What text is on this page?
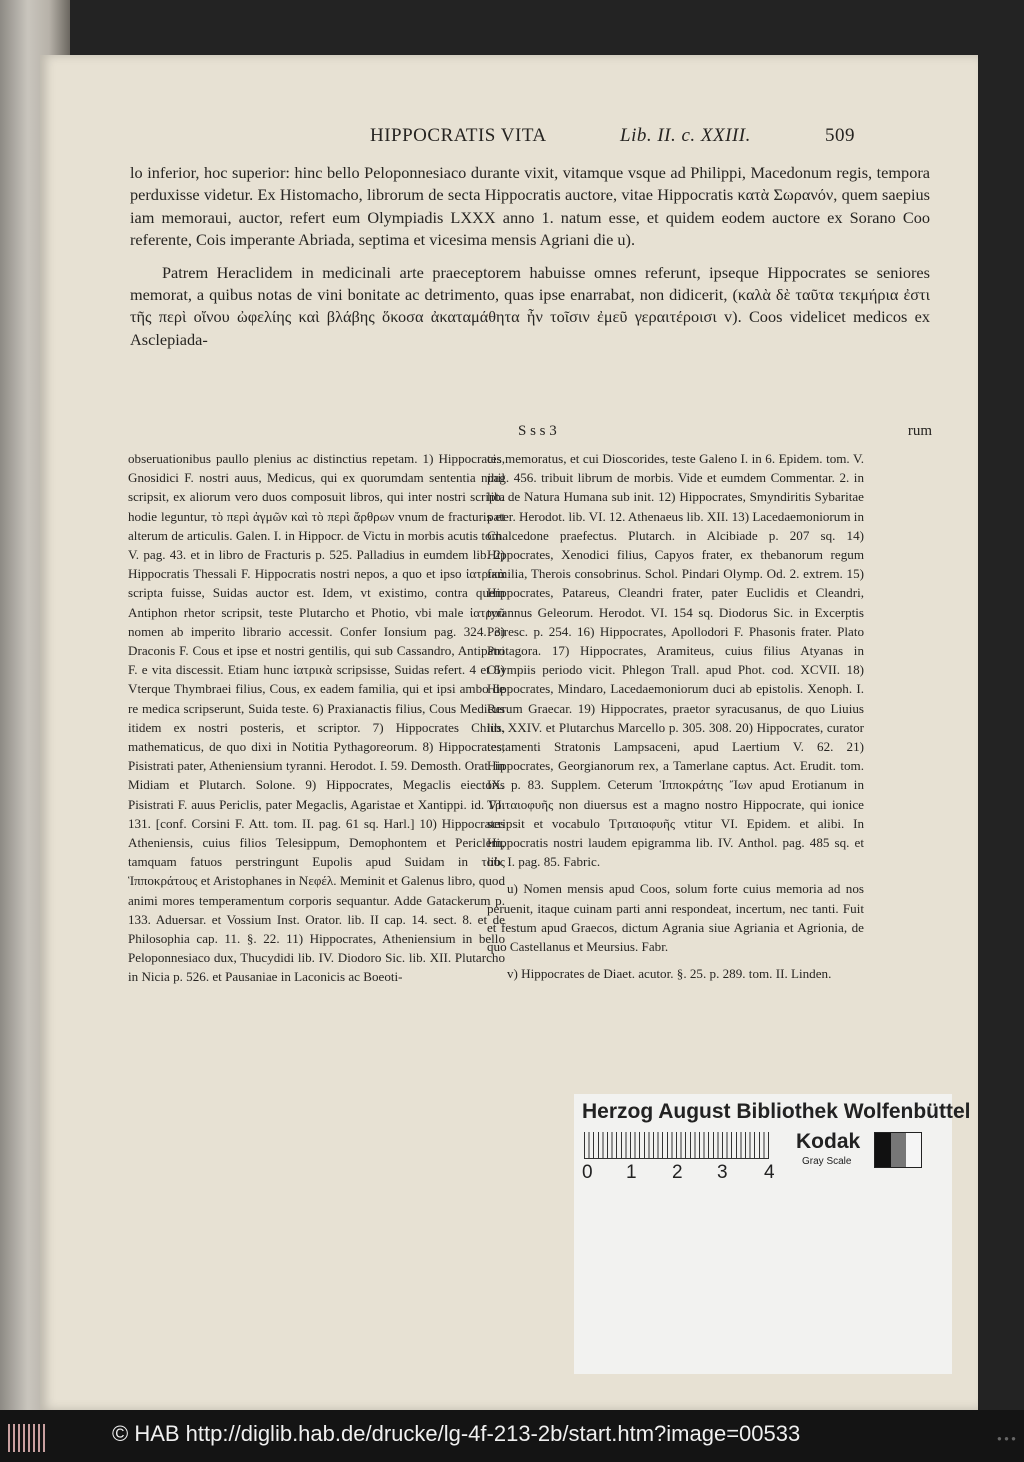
HIPPOCRATIS VITA	Lib. II. c. XXIII.	509

lo inferior, hoc superior: hinc bello Peloponnesiaco durante vixit, vitamque vsque ad Philippi, Macedonum regis, tempora perduxisse videtur. Ex Histomacho, librorum de secta Hippocratis auctore, vitae Hippocratis κατὰ Σωρανόν, quem saepius iam memoraui, auctor, refert eum Olympiadis LXXX anno 1. natum esse, et quidem eodem auctore ex Sorano Coo referente, Cois imperante Abriada, septima et vicesima mensis Agriani die u).

Patrem Heraclidem in medicinali arte praeceptorem habuisse omnes referunt, ipseque Hippocrates se seniores memorat, a quibus notas de vini bonitate ac detrimento, quas ipse enarrabat, non didicerit, (καλὰ δὲ ταῦτα τεκμήρια ἐστι τῆς περὶ οἴνου ὠφελίης καὶ βλάβης ὅκοσα ἀκαταμάθητα ἦν τοῖσιν ἐμεῦ γεραιτέροισι v). Coos videlicet medicos ex Asclepiada-

S s s 3	rum

obseruationibus paullo plenius ac distinctius repetam. 1) Hippocrates, Gnosidici F. nostri auus, Medicus, qui ex quorumdam sententia nihil scripsit, ex aliorum vero duos composuit libros, qui inter nostri scripta hodie leguntur, τὸ περὶ ἀγμῶν καὶ τὸ περὶ ἄρθρων vnum de fracturis et alterum de articulis. Galen. I. in Hippocr. de Victu in morbis acutis tom. V. pag. 43. et in libro de Fracturis p. 525. Palladius in eumdem lib. 2) Hippocratis Thessali F. Hippocratis nostri nepos, a quo et ipso ἰατρικὰ scripta fuisse, Suidas auctor est. Idem, vt existimo, contra quem Antiphon rhetor scripsit, teste Plutarcho et Photio, vbi male ἰατροῦ nomen ab imperito librario accessit. Confer Ionsium pag. 324. 3) Draconis F. Cous et ipse et nostri gentilis, qui sub Cassandro, Antipatri F. e vita discessit. Etiam hunc ἰατρικὰ scripsisse, Suidas refert. 4 et 5) Vterque Thymbraei filius, Cous, ex eadem familia, qui et ipsi ambo de re medica scripserunt, Suida teste. 6) Praxianactis filius, Cous Medicus itidem ex nostri posteris, et scriptor. 7) Hippocrates Chius, mathematicus, de quo dixi in Notitia Pythagoreorum. 8) Hippocrates, Pisistrati pater, Atheniensium tyranni. Herodot. I. 59. Demosth. Orat. in Midiam et Plutarch. Solone. 9) Hippocrates, Megaclis eiectoris Pisistrati F. auus Periclis, pater Megaclis, Agaristae et Xantippi. id. VI. 131. [conf. Corsini F. Att. tom. II. pag. 61 sq. Harl.] 10) Hippocrates Atheniensis, cuius filios Telesippum, Demophontem et Periclem, tamquam fatuos perstringunt Eupolis apud Suidam in τοὺς Ἱπποκράτους et Aristophanes in Νεφέλ. Meminit et Galenus libro, quod animi mores temperamentum corporis sequantur. Adde Gatackerum p. 133. Aduersar. et Vossium Inst. Orator. lib. II cap. 14. sect. 8. et de Philosophia cap. 11. §. 22. 11) Hippocrates, Atheniensium in bello Peloponnesiaco dux, Thucydidi lib. IV. Diodoro Sic. lib. XII. Plutarcho in Nicia p. 526. et Pausaniae in Laconicis ac Boeoti-

cis memoratus, et cui Dioscorides, teste Galeno I. in 6. Epidem. tom. V. pag. 456. tribuit librum de morbis. Vide et eumdem Commentar. 2. in lib. de Natura Humana sub init. 12) Hippocrates, Smyndiritis Sybaritae pater. Herodot. lib. VI. 12. Athenaeus lib. XII. 13) Lacedaemoniorum in Chalcedone praefectus. Plutarch. in Alcibiade p. 207 sq. 14) Hippocrates, Xenodici filius, Capyos frater, ex thebanorum regum familia, Therois consobrinus. Schol. Pindari Olymp. Od. 2. extrem. 15) Hippocrates, Patareus, Cleandri frater, pater Euclidis et Cleandri, tyrannus Geleorum. Herodot. VI. 154 sq. Diodorus Sic. in Excerptis Peiresc. p. 254. 16) Hippocrates, Apollodori F. Phasonis frater. Plato Protagora. 17) Hippocrates, Aramiteus, cuius filius Atyanas in Olympiis periodo vicit. Phlegon Trall. apud Phot. cod. XCVII. 18) Hippocrates, Mindaro, Lacedaemoniorum duci ab epistolis. Xenoph. I. Rerum Graecar. 19) Hippocrates, praetor syracusanus, de quo Liuius lib. XXIV. et Plutarchus Marcello p. 305. 308. 20) Hippocrates, curator testamenti Stratonis Lampsaceni, apud Laertium V. 62. 21) Hippocrates, Georgianorum rex, a Tamerlane captus. Act. Erudit. tom. IX. p. 83. Supplem. Ceterum Ἱπποκράτης Ἴων apud Erotianum in Τριταιοφυῆς non diuersus est a magno nostro Hippocrate, qui ionice scripsit et vocabulo Τριταιοφυῆς vtitur VI. Epidem. et alibi. In Hippocratis nostri laudem epigramma lib. IV. Anthol. pag. 485 sq. et lib. I. pag. 85. Fabric.

u) Nomen mensis apud Coos, solum forte cuius memoria ad nos peruenit, itaque cuinam parti anni respondeat, incertum, nec tanti. Fuit et festum apud Graecos, dictum Agrania siue Agriania et Agrionia, de quo Castellanus et Meursius. Fabr.

v) Hippocrates de Diaet. acutor. §. 25. p. 289. tom. II. Linden.

Herzog August Bibliothek Wolfenbüttel
0 1 2 3 4
Kodak
Gray Scale
© HAB http://diglib.hab.de/drucke/lg-4f-213-2b/start.htm?image=00533	● ● ●
